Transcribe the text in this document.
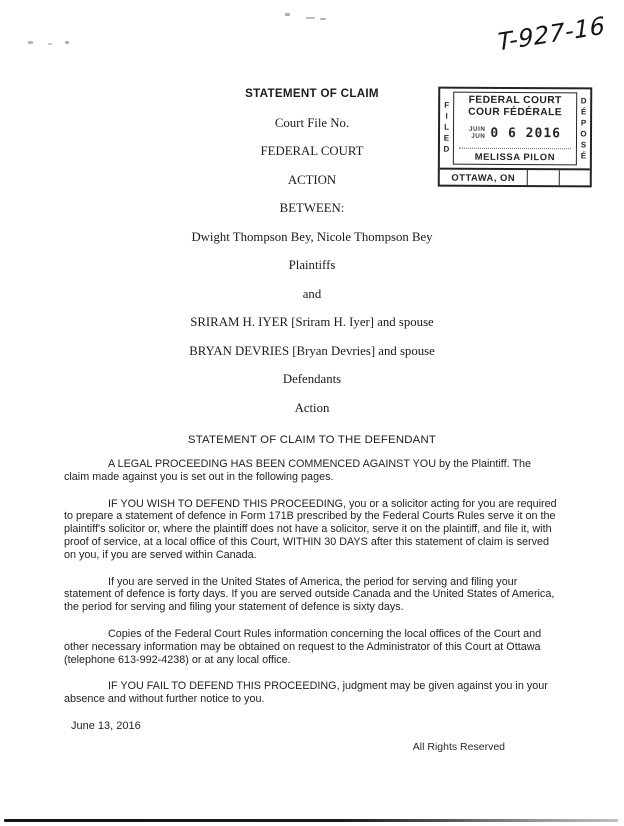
T-927-16
STATEMENT OF CLAIM
Court File No.
FEDERAL COURT
ACTION
BETWEEN:
Dwight Thompson Bey, Nicole Thompson Bey
Plaintiffs
and
SRIRAM H. IYER [Sriram H. Iyer] and spouse
BRYAN DEVRIES [Bryan Devries] and spouse
Defendants
Action
STATEMENT OF CLAIM TO THE DEFENDANT

A LEGAL PROCEEDING HAS BEEN COMMENCED AGAINST YOU by the Plaintiff. The claim made against you is set out in the following pages.

IF YOU WISH TO DEFEND THIS PROCEEDING, you or a solicitor acting for you are required to prepare a statement of defence in Form 171B prescribed by the Federal Courts Rules serve it on the plaintiff's solicitor or, where the plaintiff does not have a solicitor, serve it on the plaintiff, and file it, with proof of service, at a local office of this Court, WITHIN 30 DAYS after this statement of claim is served on you, if you are served within Canada.

If you are served in the United States of America, the period for serving and filing your statement of defence is forty days. If you are served outside Canada and the United States of America, the period for serving and filing your statement of defence is sixty days.

Copies of the Federal Court Rules information concerning the local offices of the Court and other necessary information may be obtained on request to the Administrator of this Court at Ottawa (telephone 613-992-4238) or at any local office.

IF YOU FAIL TO DEFEND THIS PROCEEDING, judgment may be given against you in your absence and without further notice to you.

June 13, 2016
All Rights Reserved
FILED
FEDERAL COURT
COUR FÉDÉRALE
JUIN
JUN 0 6 2016
MELISSA PILON	DÉPOSÉ
OTTAWA, ON
